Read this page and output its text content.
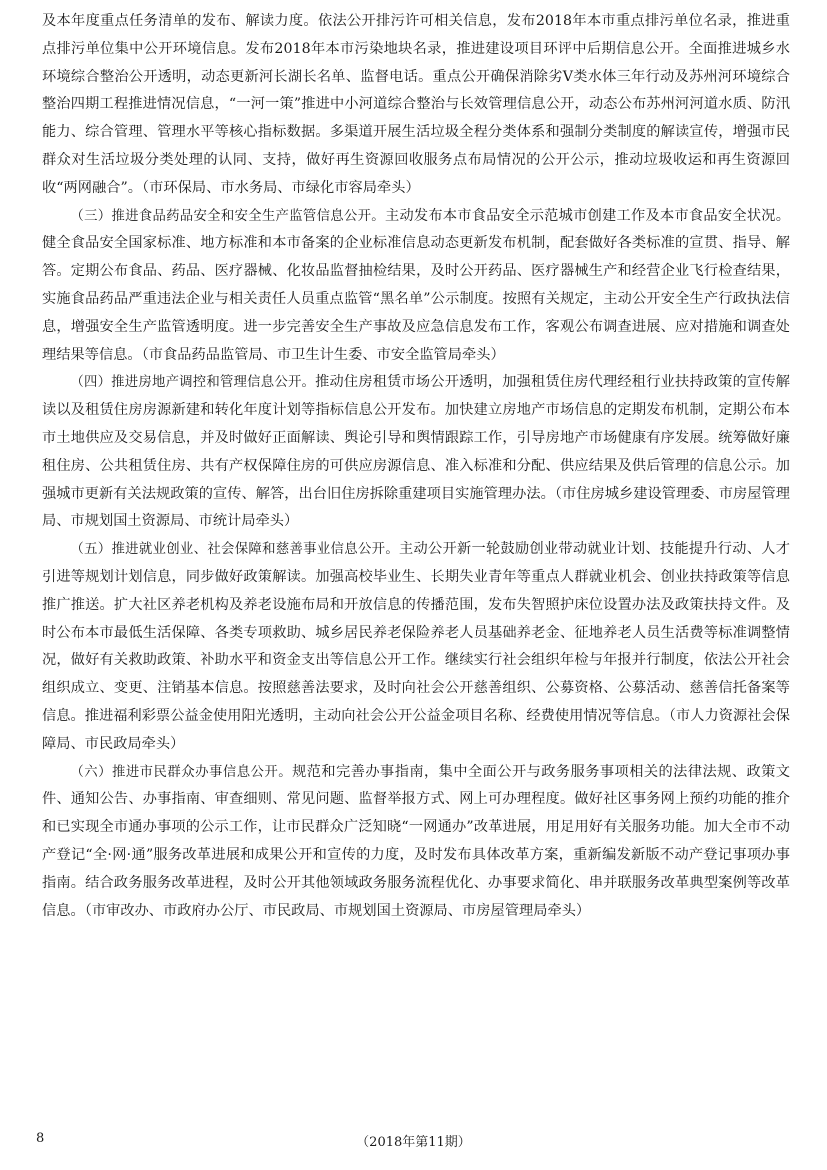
及本年度重点任务清单的发布、解读力度。依法公开排污许可相关信息，发布2018年本市重点排污单位名录，推进重点排污单位集中公开环境信息。发布2018年本市污染地块名录，推进建设项目环评中后期信息公开。全面推进城乡水环境综合整治公开透明，动态更新河长湖长名单、监督电话。重点公开确保消除劣Ⅴ类水体三年行动及苏州河环境综合整治四期工程推进情况信息，“一河一策”推进中小河道综合整治与长效管理信息公开，动态公布苏州河河道水质、防汛能力、综合管理、管理水平等核心指标数据。多渠道开展生活垃圾全程分类体系和强制分类制度的解读宣传，增强市民群众对生活垃圾分类处理的认同、支持，做好再生资源回收服务点布局情况的公开公示，推动垃圾收运和再生资源回收“两网融合”。（市环保局、市水务局、市绿化市容局牵头）

（三）推进食品药品安全和安全生产监管信息公开。主动发布本市食品安全示范城市创建工作及本市食品安全状况。健全食品安全国家标准、地方标准和本市备案的企业标准信息动态更新发布机制，配套做好各类标准的宣贯、指导、解答。定期公布食品、药品、医疗器械、化妆品监督抽检结果，及时公开药品、医疗器械生产和经营企业飞行检查结果，实施食品药品严重违法企业与相关责任人员重点监管“黑名单”公示制度。按照有关规定，主动公开安全生产行政执法信息，增强安全生产监管透明度。进一步完善安全生产事故及应急信息发布工作，客观公布调查进展、应对措施和调查处理结果等信息。（市食品药品监管局、市卫生计生委、市安全监管局牵头）

（四）推进房地产调控和管理信息公开。推动住房租赁市场公开透明，加强租赁住房代理经租行业扶持政策的宣传解读以及租赁住房房源新建和转化年度计划等指标信息公开发布。加快建立房地产市场信息的定期发布机制，定期公布本市土地供应及交易信息，并及时做好正面解读、舆论引导和舆情跟踪工作，引导房地产市场健康有序发展。统筹做好廉租住房、公共租赁住房、共有产权保障住房的可供应房源信息、准入标准和分配、供应结果及供后管理的信息公示。加强城市更新有关法规政策的宣传、解答，出台旧住房拆除重建项目实施管理办法。（市住房城乡建设管理委、市房屋管理局、市规划国土资源局、市统计局牵头）

（五）推进就业创业、社会保障和慈善事业信息公开。主动公开新一轮鼓励创业带动就业计划、技能提升行动、人才引进等规划计划信息，同步做好政策解读。加强高校毕业生、长期失业青年等重点人群就业机会、创业扶持政策等信息推广推送。扩大社区养老机构及养老设施布局和开放信息的传播范围，发布失智照护床位设置办法及政策扶持文件。及时公布本市最低生活保障、各类专项救助、城乡居民养老保险养老人员基础养老金、征地养老人员生活费等标准调整情况，做好有关救助政策、补助水平和资金支出等信息公开工作。继续实行社会组织年检与年报并行制度，依法公开社会组织成立、变更、注销基本信息。按照慈善法要求，及时向社会公开慈善组织、公募资格、公募活动、慈善信托备案等信息。推进福利彩票公益金使用阳光透明，主动向社会公开公益金项目名称、经费使用情况等信息。（市人力资源社会保障局、市民政局牵头）

（六）推进市民群众办事信息公开。规范和完善办事指南，集中全面公开与政务服务事项相关的法律法规、政策文件、通知公告、办事指南、审查细则、常见问题、监督举报方式、网上可办理程度。做好社区事务网上预约功能的推介和已实现全市通办事项的公示工作，让市民群众广泛知晓“一网通办”改革进展，用足用好有关服务功能。加大全市不动产登记“全·网·通”服务改革进展和成果公开和宣传的力度，及时发布具体改革方案，重新编发新版不动产登记事项办事指南。结合政务服务改革进程，及时公开其他领域政务服务流程优化、办事要求简化、串并联服务改革典型案例等改革信息。（市审改办、市政府办公厅、市民政局、市规划国土资源局、市房屋管理局牵头）

8	（2018年第11期）
